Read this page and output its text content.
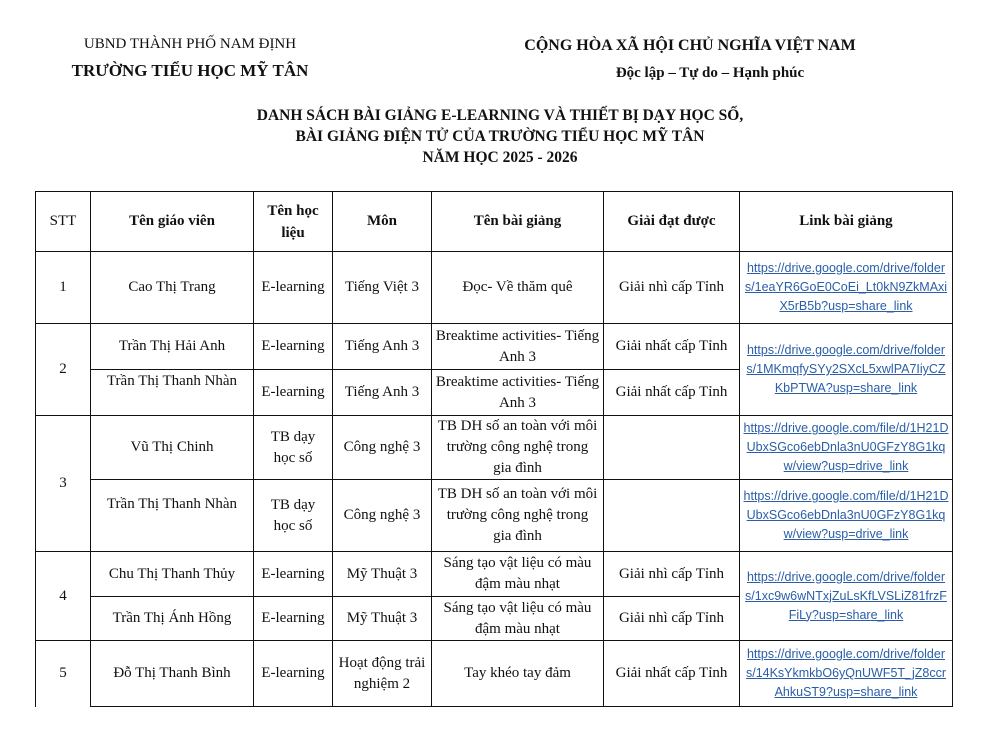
UBND THÀNH PHỐ NAM ĐỊNH
TRƯỜNG TIỂU HỌC MỸ TÂN
CỘNG HÒA XÃ HỘI CHỦ NGHĨA VIỆT NAM
Độc lập – Tự do – Hạnh phúc
DANH SÁCH BÀI GIẢNG E-LEARNING VÀ THIẾT BỊ DẠY HỌC SỐ,
BÀI GIẢNG ĐIỆN TỬ CỦA TRƯỜNG TIỂU HỌC MỸ TÂN
NĂM HỌC 2025 - 2026
STT	Tên giáo viên	Tên học liệu	Môn	Tên bài giảng	Giải đạt được	Link bài giảng
1	Cao Thị Trang	E-learning	Tiếng Việt 3	Đọc- Về thăm quê	Giải nhì cấp Tỉnh	https://drive.google.com/drive/folders/1eaYR6GoE0CoEi_Lt0kN9ZkMAxiX5rB5b?usp=share_link

2	Trần Thị Hải Anh	E-learning	Tiếng Anh 3	Breaktime activities- Tiếng Anh 3	Giải nhất cấp Tỉnh	https://drive.google.com/drive/folders/1MKmqfySYy2SXcL5xwlPA7IiyCZKbPTWA?usp=share_link

	Trần Thị Thanh Nhàn	E-learning	Tiếng Anh 3	Breaktime activities- Tiếng Anh 3	Giải nhất cấp Tỉnh	
3	Vũ Thị Chinh	TB dạy học số	Công nghệ 3	TB DH số an toàn với môi trường công nghệ trong gia đình		https://drive.google.com/file/d/1H21DUbxSGco6ebDnla3nU0GFzY8G1kqw/view?usp=drive_link

	Trần Thị Thanh Nhàn	TB dạy học số	Công nghệ 3	TB DH số an toàn với môi trường công nghệ trong gia đình		https://drive.google.com/file/d/1H21DUbxSGco6ebDnla3nU0GFzY8G1kqw/view?usp=drive_link

4	Chu Thị Thanh Thủy	E-learning	Mỹ Thuật 3	Sáng tạo vật liệu có màu đậm màu nhạt	Giải nhì cấp Tỉnh	https://drive.google.com/drive/folders/1xc9w6wNTxjZuLsKfLVSLiZ81frzFFiLy?usp=share_link

	Trần Thị Ánh Hồng	E-learning	Mỹ Thuật 3	Sáng tạo vật liệu có màu đậm màu nhạt	Giải nhì cấp Tỉnh	
5	Đỗ Thị Thanh Bình	E-learning	Hoạt động trải nghiệm 2	Tay khéo tay đảm	Giải nhất cấp Tỉnh	https://drive.google.com/drive/folders/14KsYkmkbO6yQnUWF5T_jZ8ccrAhkuST9?usp=share_link
